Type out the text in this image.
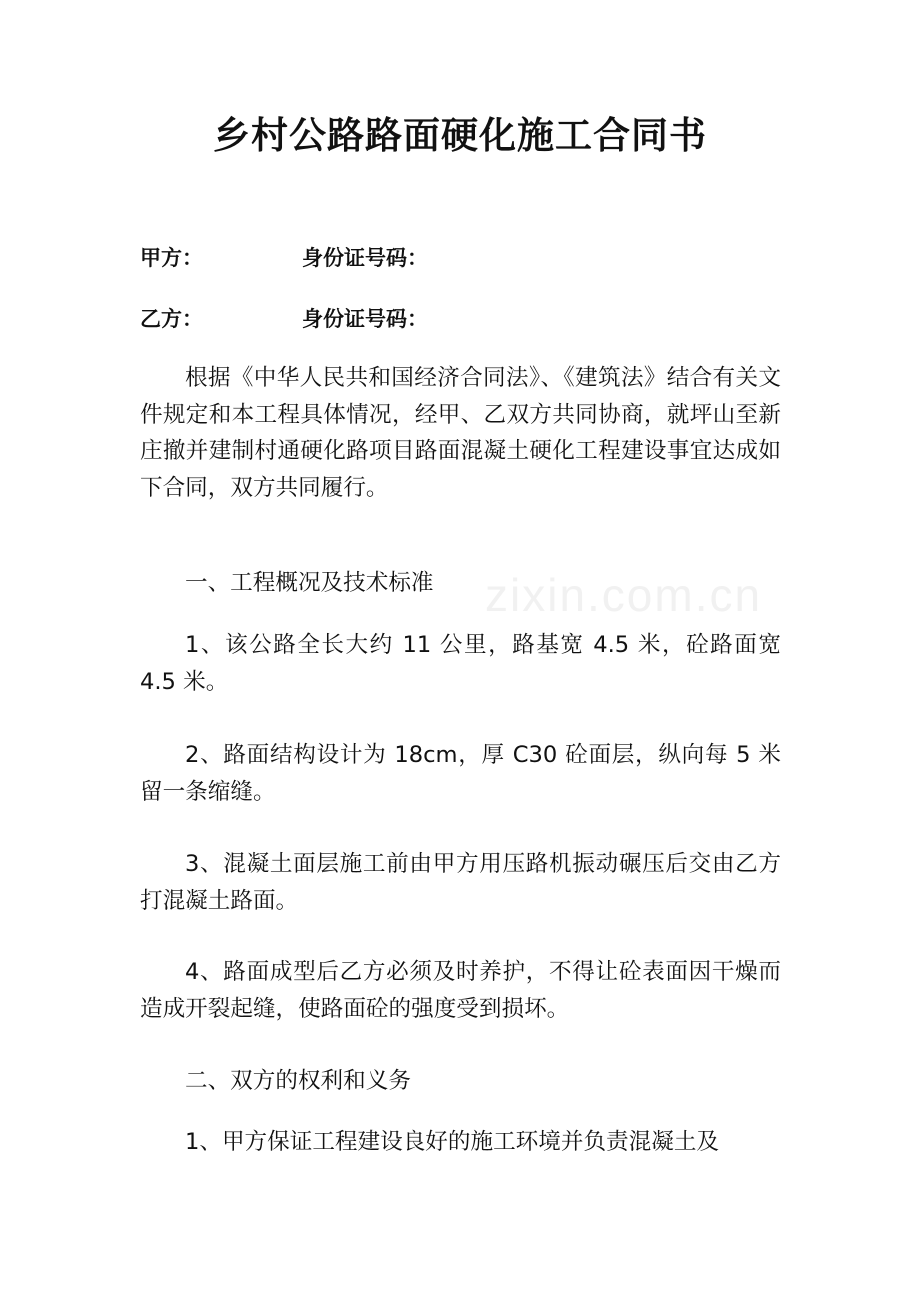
zixin.com.cn
乡村公路路面硬化施工合同书

甲方：	身份证号码：

乙方：	身份证号码：

根据《中华人民共和国经济合同法》、《建筑法》结合有关文件规定和本工程具体情况，经甲、乙双方共同协商，就坪山至新庄撤并建制村通硬化路项目路面混凝土硬化工程建设事宜达成如下合同，双方共同履行。

一、工程概况及技术标准

1、该公路全长大约 11 公里，路基宽 4.5 米，砼路面宽 4.5 米。

2、路面结构设计为 18cm，厚 C30 砼面层，纵向每 5 米留一条缩缝。

3、混凝土面层施工前由甲方用压路机振动碾压后交由乙方打混凝土路面。

4、路面成型后乙方必须及时养护，不得让砼表面因干燥而造成开裂起缝，使路面砼的强度受到损坏。

二、双方的权利和义务

1、甲方保证工程建设良好的施工环境并负责混凝土及
